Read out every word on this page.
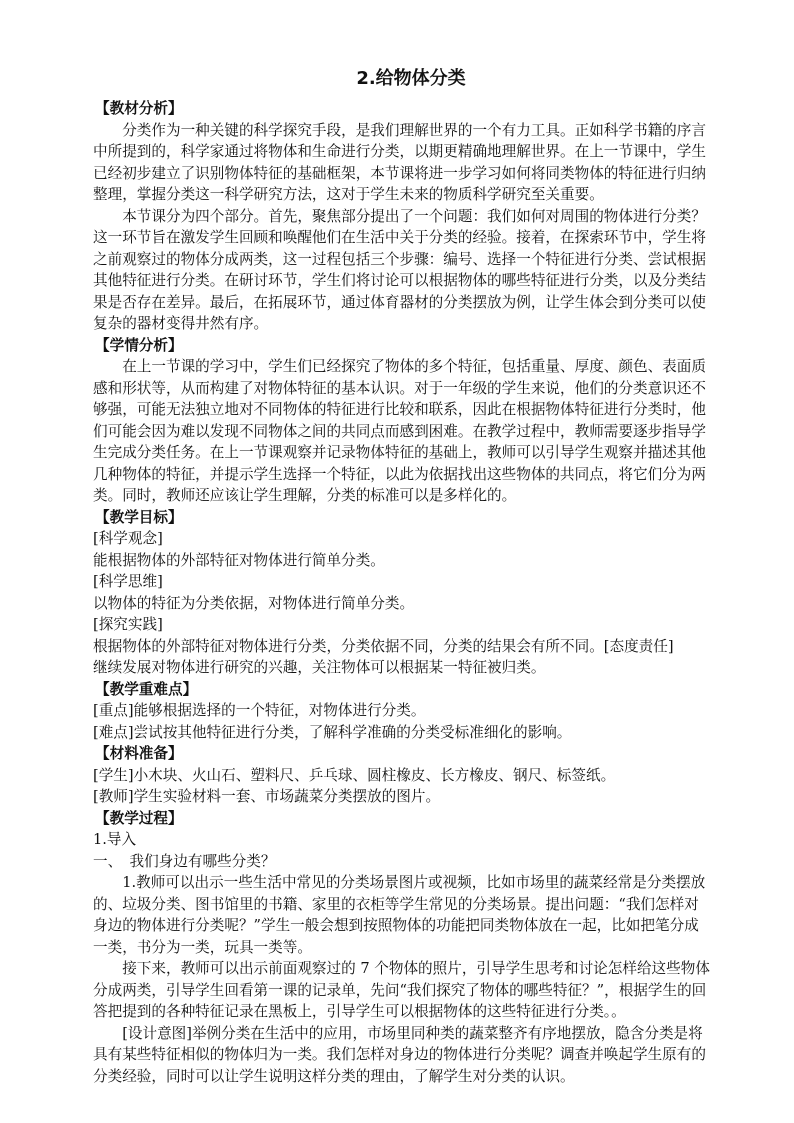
2.给物体分类
【教材分析】
　　分类作为一种关键的科学探究手段，是我们理解世界的一个有力工具。正如科学书籍的序言
中所提到的，科学家通过将物体和生命进行分类，以期更精确地理解世界。在上一节课中，学生
已经初步建立了识别物体特征的基础框架，本节课将进一步学习如何将同类物体的特征进行归纳
整理，掌握分类这一科学研究方法，这对于学生未来的物质科学研究至关重要。
　　本节课分为四个部分。首先，聚焦部分提出了一个问题：我们如何对周围的物体进行分类？
这一环节旨在激发学生回顾和唤醒他们在生活中关于分类的经验。接着，在探索环节中，学生将
之前观察过的物体分成两类，这一过程包括三个步骤：编号、选择一个特征进行分类、尝试根据
其他特征进行分类。在研讨环节，学生们将讨论可以根据物体的哪些特征进行分类，以及分类结
果是否存在差异。最后，在拓展环节，通过体育器材的分类摆放为例，让学生体会到分类可以使
复杂的器材变得井然有序。
【学情分析】
　　在上一节课的学习中，学生们已经探究了物体的多个特征，包括重量、厚度、颜色、表面质
感和形状等，从而构建了对物体特征的基本认识。对于一年级的学生来说，他们的分类意识还不
够强，可能无法独立地对不同物体的特征进行比较和联系，因此在根据物体特征进行分类时，他
们可能会因为难以发现不同物体之间的共同点而感到困难。在教学过程中，教师需要逐步指导学
生完成分类任务。在上一节课观察并记录物体特征的基础上，教师可以引导学生观察并描述其他
几种物体的特征，并提示学生选择一个特征，以此为依据找出这些物体的共同点，将它们分为两
类。同时，教师还应该让学生理解，分类的标准可以是多样化的。
【教学目标】
[科学观念]
能根据物体的外部特征对物体进行简单分类。
[科学思维]
以物体的特征为分类依据，对物体进行简单分类。
[探究实践]
根据物体的外部特征对物体进行分类，分类依据不同，分类的结果会有所不同。[态度责任]
继续发展对物体进行研究的兴趣，关注物体可以根据某一特征被归类。
【教学重难点】
[重点]能够根据选择的一个特征，对物体进行分类。
[难点]尝试按其他特征进行分类，了解科学准确的分类受标准细化的影响。
【材料准备】
[学生]小木块、火山石、塑料尺、乒乓球、圆柱橡皮、长方橡皮、钢尺、标签纸。
[教师]学生实验材料一套、市场蔬菜分类摆放的图片。
【教学过程】
1.导入
一、　我们身边有哪些分类？
　　1.教师可以出示一些生活中常见的分类场景图片或视频，比如市场里的蔬菜经常是分类摆放
的、垃圾分类、图书馆里的书籍、家里的衣柜等学生常见的分类场景。提出问题：“我们怎样对
身边的物体进行分类呢？”学生一般会想到按照物体的功能把同类物体放在一起，比如把笔分成
一类，书分为一类，玩具一类等。
　　接下来，教师可以出示前面观察过的 7 个物体的照片，引导学生思考和讨论怎样给这些物体
分成两类，引导学生回看第一课的记录单，先问“我们探究了物体的哪些特征？”，根据学生的回
答把提到的各种特征记录在黑板上，引导学生可以根据物体的这些特征进行分类。。
　　[设计意图]举例分类在生活中的应用，市场里同种类的蔬菜整齐有序地摆放，隐含分类是将
具有某些特征相似的物体归为一类。我们怎样对身边的物体进行分类呢？调查并唤起学生原有的
分类经验，同时可以让学生说明这样分类的理由，了解学生对分类的认识。
